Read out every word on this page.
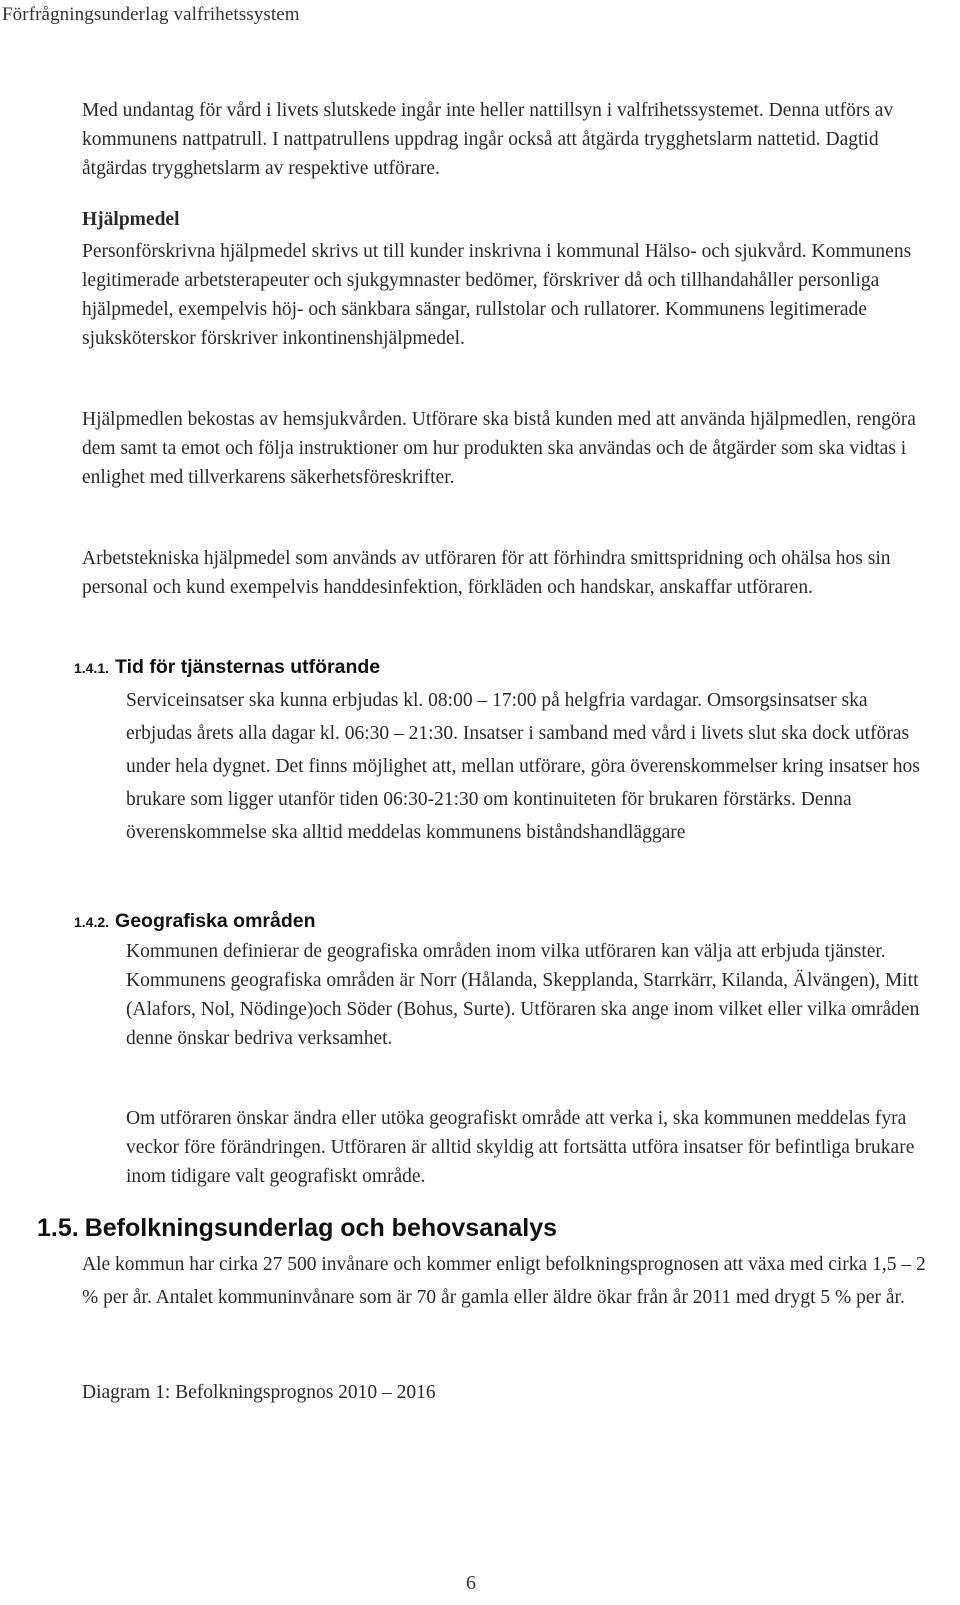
Förfrågningsunderlag valfrihetssystem

Med undantag för vård i livets slutskede ingår inte heller nattillsyn i valfrihetssystemet. Denna utförs av kommunens nattpatrull. I nattpatrullens uppdrag ingår också att åtgärda trygghetslarm nattetid. Dagtid åtgärdas trygghetslarm av respektive utförare.

Hjälpmedel

Personförskrivna hjälpmedel skrivs ut till kunder inskrivna i kommunal Hälso- och sjukvård. Kommunens legitimerade arbetsterapeuter och sjukgymnaster bedömer, förskriver då och tillhandahåller personliga hjälpmedel, exempelvis höj- och sänkbara sängar, rullstolar och rullatorer. Kommunens legitimerade sjuksköterskor förskriver inkontinenshjälpmedel.

Hjälpmedlen bekostas av hemsjukvården. Utförare ska bistå kunden med att använda hjälpmedlen, rengöra dem samt ta emot och följa instruktioner om hur produkten ska användas och de åtgärder som ska vidtas i enlighet med tillverkarens säkerhetsföreskrifter.

Arbetstekniska hjälpmedel som används av utföraren för att förhindra smittspridning och ohälsa hos sin personal och kund exempelvis handdesinfektion, förkläden och handskar, anskaffar utföraren.

1.4.1. Tid för tjänsternas utförande

Serviceinsatser ska kunna erbjudas kl. 08:00 – 17:00 på helgfria vardagar. Omsorgsinsatser ska erbjudas årets alla dagar kl. 06:30 – 21:30. Insatser i samband med vård i livets slut ska dock utföras under hela dygnet. Det finns möjlighet att, mellan utförare, göra överenskommelser kring insatser hos brukare som ligger utanför tiden 06:30-21:30 om kontinuiteten för brukaren förstärks. Denna överenskommelse ska alltid meddelas kommunens biståndshandläggare

1.4.2. Geografiska områden

Kommunen definierar de geografiska områden inom vilka utföraren kan välja att erbjuda tjänster. Kommunens geografiska områden är Norr (Hålanda, Skepplanda, Starrkärr, Kilanda, Älvängen), Mitt (Alafors, Nol, Nödinge)och Söder (Bohus, Surte). Utföraren ska ange inom vilket eller vilka områden denne önskar bedriva verksamhet.

Om utföraren önskar ändra eller utöka geografiskt område att verka i, ska kommunen meddelas fyra veckor före förändringen. Utföraren är alltid skyldig att fortsätta utföra insatser för befintliga brukare inom tidigare valt geografiskt område.

1.5. Befolkningsunderlag och behovsanalys

Ale kommun har cirka 27 500 invånare och kommer enligt befolkningsprognosen att växa med cirka 1,5 – 2 % per år. Antalet kommuninvånare som är 70 år gamla eller äldre ökar från år 2011 med drygt 5 % per år.

Diagram 1: Befolkningsprognos 2010 – 2016

6
